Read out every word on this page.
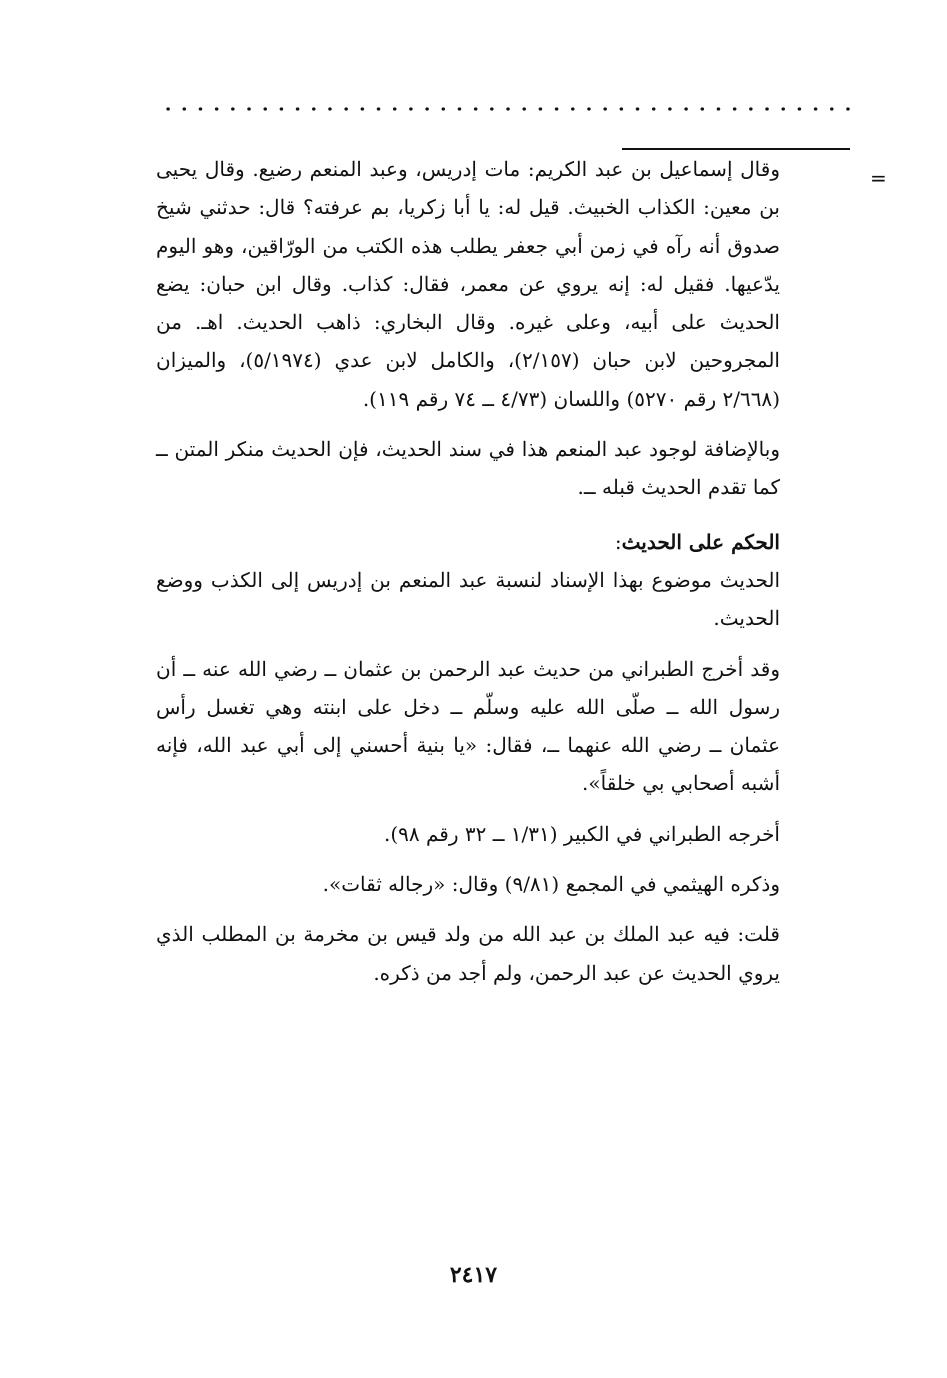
=

وقال إسماعيل بن عبد الكريم: مات إدريس، وعبد المنعم رضيع. وقال يحيى بن معين: الكذاب الخبيث. قيل له: يا أبا زكريا، بم عرفته؟ قال: حدثني شيخ صدوق أنه رآه في زمن أبي جعفر يطلب هذه الكتب من الورّاقين، وهو اليوم يدّعيها. فقيل له: إنه يروي عن معمر، فقال: كذاب. وقال ابن حبان: يضع الحديث على أبيه، وعلى غيره. وقال البخاري: ذاهب الحديث. اهـ. من المجروحين لابن حبان (٢/١٥٧)، والكامل لابن عدي (٥/١٩٧٤)، والميزان (٢/٦٦٨ رقم ٥٢٧٠) واللسان (٤/٧٣ ــ ٧٤ رقم ١١٩).

وبالإضافة لوجود عبد المنعم هذا في سند الحديث، فإن الحديث منكر المتن ــ كما تقدم الحديث قبله ــ.

الحكم على الحديث:

الحديث موضوع بهذا الإسناد لنسبة عبد المنعم بن إدريس إلى الكذب ووضع الحديث.

وقد أخرج الطبراني من حديث عبد الرحمن بن عثمان ــ رضي الله عنه ــ أن رسول الله ــ صلّى الله عليه وسلّم ــ دخل على ابنته وهي تغسل رأس عثمان ــ رضي الله عنهما ــ، فقال: «يا بنية أحسني إلى أبي عبد الله، فإنه أشبه أصحابي بي خلقاً».

أخرجه الطبراني في الكبير (١/٣١ ــ ٣٢ رقم ٩٨).

وذكره الهيثمي في المجمع (٩/٨١) وقال: «رجاله ثقات».

قلت: فيه عبد الملك بن عبد الله من ولد قيس بن مخرمة بن المطلب الذي يروي الحديث عن عبد الرحمن، ولم أجد من ذكره.

٢٤١٧
